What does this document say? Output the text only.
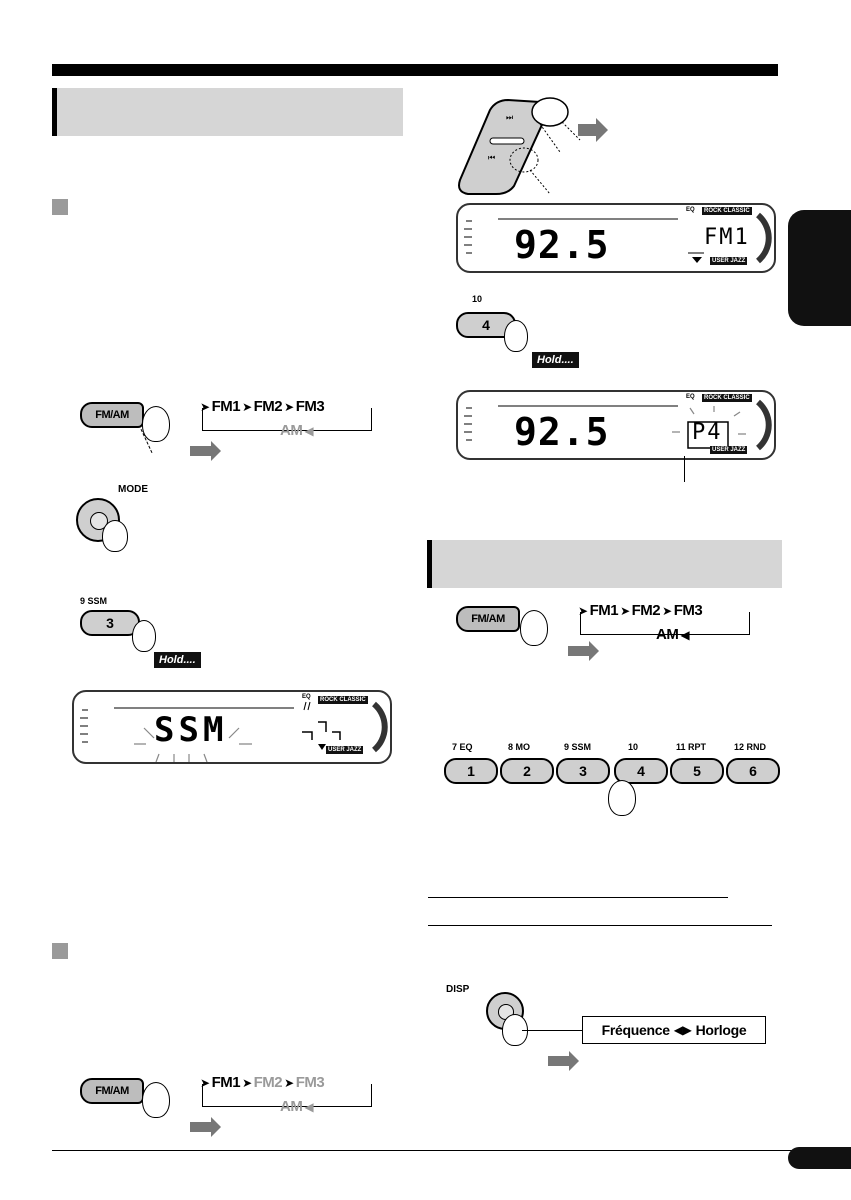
FM/AM
➤ FM1 ➤ FM2 ➤ FM3
AM ◀
MODE
9 SSM
3
Hold....
SSM
ROCK CLASSIC
USER JAZZ
EQ
FM/AM
➤ FM1 ➤ FM2 ➤ FM3
AM ◀
⏭
⏮
92.5	FM1
ROCK CLASSIC
USER JAZZ
EQ
10
4
Hold....
92.5	P4
ROCK CLASSIC
USER JAZZ
EQ
FM/AM
➤ FM1 ➤ FM2 ➤ FM3
AM ◀
7 EQ	8 MO	9 SSM	10	11 RPT	12 RND
1	2	3	4	5	6
DISP
Fréquence ◀▶ Horloge
